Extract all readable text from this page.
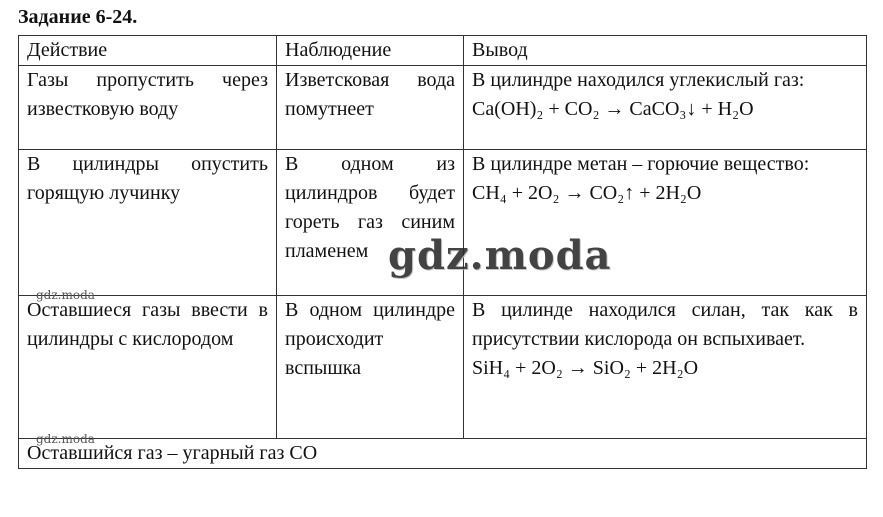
Задание 6-24.
Действие	Наблюдение	Вывод
Газы пропустить через известковую воду	Изветсковая вода помутнеет	В цилиндре находился углекислый газ:
Ca(OH)₂ + CO₂ → CaCO₃↓ + H₂O

В цилиндры опустить горящую лучинку	В одном из цилиндров будет гореть газ синим пламенем	В цилиндре метан – горючие вещество:
CH₄ + 2O₂ → CO₂↑ + 2H₂O

Оставшиеся газы ввести в цилиндры с кислородом	В одном цилиндре происходит вспышка	В цилинде находился силан, так как в присутствии кислорода он вспыхивает.
SiH₄ + 2O₂ → SiO₂ + 2H₂O

Оставшийся газ – угарный газ CO		
gdz.moda
gdz.moda
gdz.moda
